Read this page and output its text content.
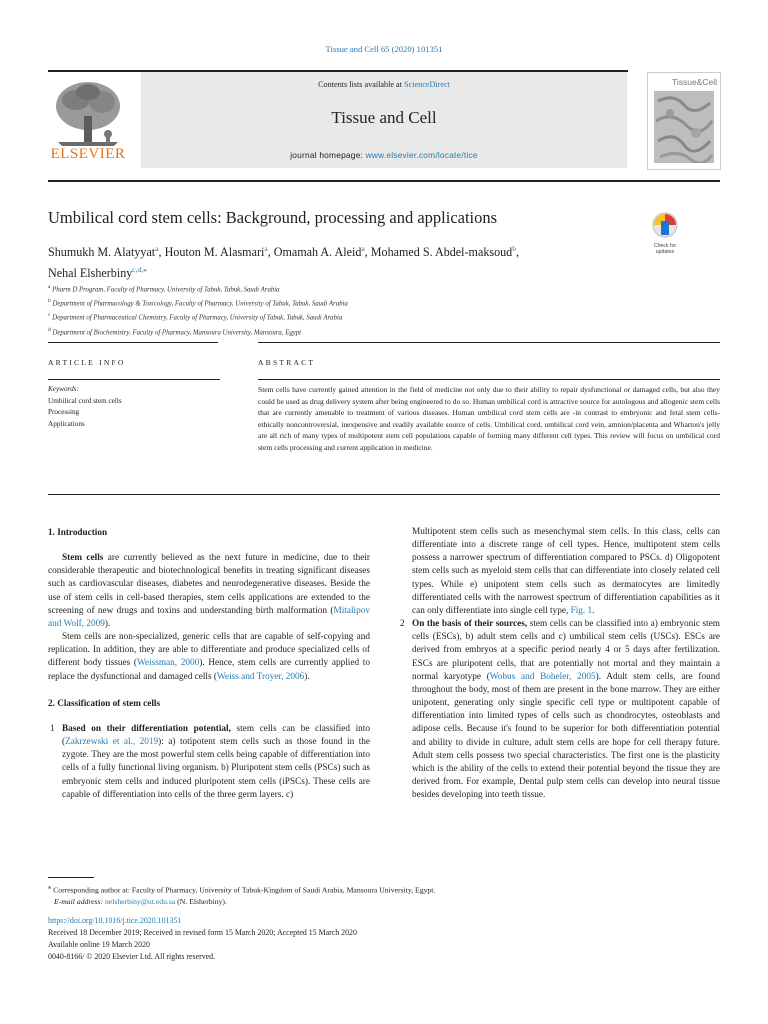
Tissue and Cell 65 (2020) 101351
ELSEVIER
Contents lists available at ScienceDirect
Tissue and Cell
journal homepage: www.elsevier.com/locate/tice
Tissue&Cell
Umbilical cord stem cells: Background, processing and applications
Check for updates
Shumukh M. Alatyyat$^a$, Houton M. Alasmari$^a$, Omamah A. Aleid$^a$, Mohamed S. Abdel-maksoud$^b$,
Nehal Elsherbiny$^{c,d,⁎}$
$^a$ Pharm D Program, Faculty of Pharmacy, University of Tabuk, Tabuk, Saudi Arabia
$^b$ Department of Pharmacology & Toxicology, Faculty of Pharmacy, University of Tabuk, Tabuk, Saudi Arabia
$^c$ Department of Pharmaceutical Chemistry, Faculty of Pharmacy, University of Tabuk, Tabuk, Saudi Arabia
$^d$ Department of Biochemistry, Faculty of Pharmacy, Mansoura University, Mansoura, Egypt
ARTICLE INFO	ABSTRACT
Keywords:
Umbilical cord stem cells
Processing
Applications
Stem cells have currently gained attention in the field of medicine not only due to their ability to repair dysfunctional or damaged cells, but also they could be used as drug delivery system after being engineered to do so. Human umbilical cord is attractive source for autologous and allogenic stem cells that are currently amenable to treatment of various diseases. Human umbilical cord stem cells are -in contrast to embryonic and fetal stem cells- ethically noncontroversial, inexpensive and readily available source of cells. Umbilical cord, umbilical cord vein, amnion/placenta and Wharton's jelly are all rich of many types of multipotent stem cell populations capable of forming many different cell types. This review will focus on umbilical cord stem cells processing and current application in medicine.

1. Introduction

Stem cells are currently believed as the next future in medicine, due to their considerable therapeutic and biotechnological benefits in treating significant diseases such as cardiovascular diseases, diabetes and neurodegenerative diseases. Beside the use of stem cells in cell-based therapies, stem cells applications are extended to the screening of new drugs and toxins and understanding birth malformation (Mitalipov and Wolf, 2009).

Stem cells are non-specialized, generic cells that are capable of self-copying and replication. In addition, they are able to differentiate and produce specialized cells of different body tissues (Weissman, 2000). Hence, stem cells are currently applied to replace the dysfunctional and damaged cells (Weiss and Troyer, 2006).

2. Classification of stem cells

1 Based on their differentiation potential, stem cells can be classified into (Zakrzewski et al., 2019): a) totipotent stem cells such as those found in the zygote. They are the most powerful stem cells being capable of differentiation into cells of a fully functional living organism. b) Pluripotent stem cells (PSCs) such as embryonic stem cells and induced pluripotent stem cells (iPSCs). These cells are capable of differentiation into cells of the three germ layers. c)

Multipotent stem cells such as mesenchymal stem cells. In this class, cells can differentiate into a discrete range of cell types. Hence, multipotent stem cells possess a narrower spectrum of differentiation compared to PSCs. d) Oligopotent stem cells such as myeloid stem cells that can differentiate into closely related cell types. While e) unipotent stem cells such as dermatocytes are limitedly differentiated cells with the narrowest spectrum of differentiation capabilities as it can only differentiate into single cell type, Fig. 1.

2 On the basis of their sources, stem cells can be classified into a) embryonic stem cells (ESCs), b) adult stem cells and c) umbilical stem cells (USCs). ESCs are derived from embryos at a specific period nearly 4 or 5 days after fertilization. ESCs are pluripotent cells, that are potentially not mortal and they maintain a normal karyotype (Wobus and Boheler, 2005). Adult stem cells, are found throughout the body, most of them are present in the bone marrow. They are either unipotent, generating only single specific cell type or multipotent capable of differentiation into limited types of cells such as chondrocytes, osteoblasts and adipose cells. Because it's found to be superior for both differentiation potential and ability to divide in culture, adult stem cells are hope for cell therapy future. Adult stem cells possess two special characteristics. The first one is the plasticity which is the ability of the cells to extend their potential beyond the tissue they are derived from. For example, Dental pulp stem cells can develop into neural tissue besides developing into teeth tissue.

⁎ Corresponding author at: Faculty of Pharmacy, University of Tabuk-Kingdom of Saudi Arabia, Mansoura University, Egypt.
E-mail address: nelsherbiny@ut.edu.sa (N. Elsherbiny).
https://doi.org/10.1016/j.tice.2020.101351
Received 18 December 2019; Received in revised form 15 March 2020; Accepted 15 March 2020
Available online 19 March 2020
0040-8166/ © 2020 Elsevier Ltd. All rights reserved.
